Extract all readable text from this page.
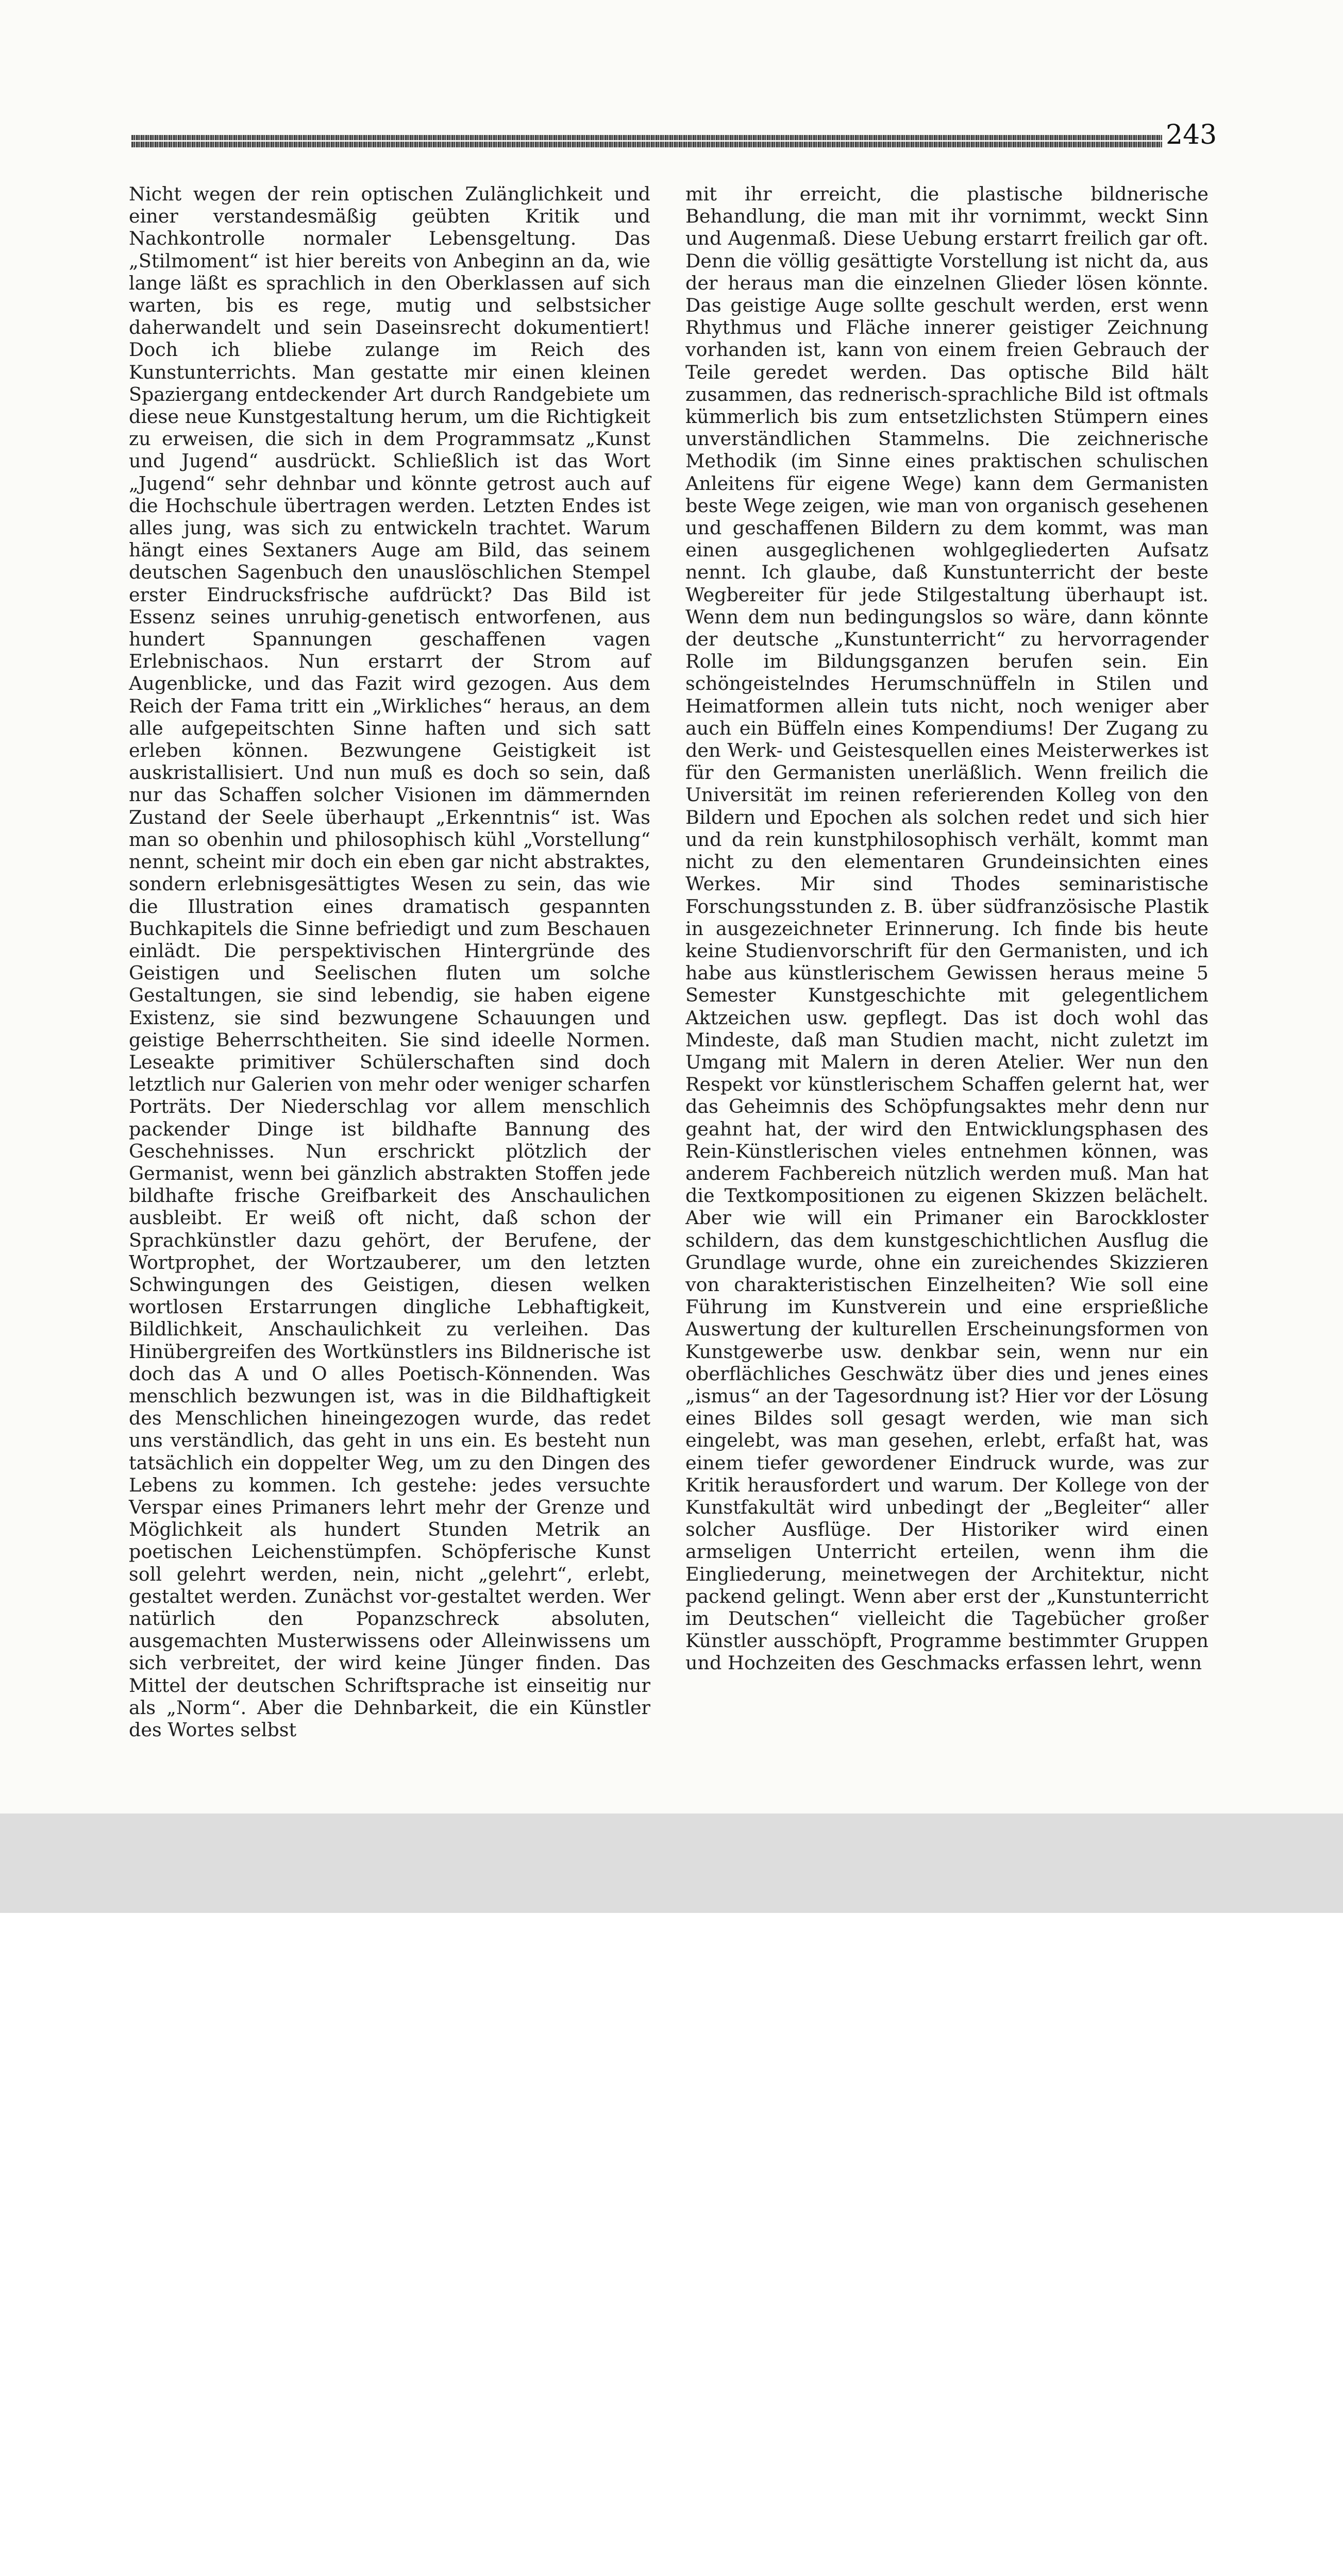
243

Nicht wegen der rein optischen Zulänglichkeit und einer verstandesmäßig geübten Kritik und Nachkontrolle normaler Lebensgeltung. Das „Stilmoment“ ist hier bereits von Anbeginn an da, wie lange läßt es sprachlich in den Oberklassen auf sich warten, bis es rege, mutig und selbstsicher daherwandelt und sein Daseinsrecht dokumentiert! Doch ich bliebe zulange im Reich des Kunstunterrichts. Man gestatte mir einen kleinen Spaziergang entdeckender Art durch Randgebiete um diese neue Kunstgestaltung herum, um die Richtigkeit zu erweisen, die sich in dem Programmsatz „Kunst und Jugend“ ausdrückt. Schließlich ist das Wort „Jugend“ sehr dehnbar und könnte getrost auch auf die Hochschule übertragen werden. Letzten Endes ist alles jung, was sich zu entwickeln trachtet. Warum hängt eines Sextaners Auge am Bild, das seinem deutschen Sagenbuch den unauslöschlichen Stempel erster Eindrucksfrische aufdrückt? Das Bild ist Essenz seines unruhig-genetisch entworfenen, aus hundert Spannungen geschaffenen vagen Erlebnischaos. Nun erstarrt der Strom auf Augenblicke, und das Fazit wird gezogen. Aus dem Reich der Fama tritt ein „Wirkliches“ heraus, an dem alle aufgepeitschten Sinne haften und sich satt erleben können. Bezwungene Geistigkeit ist auskristallisiert. Und nun muß es doch so sein, daß nur das Schaffen solcher Visionen im dämmernden Zustand der Seele überhaupt „Erkenntnis“ ist. Was man so obenhin und philosophisch kühl „Vorstellung“ nennt, scheint mir doch ein eben gar nicht abstraktes, sondern erlebnisgesättigtes Wesen zu sein, das wie die Illustration eines dramatisch gespannten Buchkapitels die Sinne befriedigt und zum Beschauen einlädt. Die perspektivischen Hintergründe des Geistigen und Seelischen fluten um solche Gestaltungen, sie sind lebendig, sie haben eigene Existenz, sie sind bezwungene Schauungen und geistige Beherrschtheiten. Sie sind ideelle Normen. Leseakte primitiver Schülerschaften sind doch letztlich nur Galerien von mehr oder weniger scharfen Porträts. Der Niederschlag vor allem menschlich packender Dinge ist bildhafte Bannung des Geschehnisses. Nun erschrickt plötzlich der Germanist, wenn bei gänzlich abstrakten Stoffen jede bildhafte frische Greifbarkeit des Anschaulichen ausbleibt. Er weiß oft nicht, daß schon der Sprachkünstler dazu gehört, der Berufene, der Wortprophet, der Wortzauberer, um den letzten Schwingungen des Geistigen, diesen welken wortlosen Erstarrungen dingliche Lebhaftigkeit, Bildlichkeit, Anschaulichkeit zu verleihen. Das Hinübergreifen des Wortkünstlers ins Bildnerische ist doch das A und O alles Poetisch-Könnenden. Was menschlich bezwungen ist, was in die Bildhaftigkeit des Menschlichen hineingezogen wurde, das redet uns verständlich, das geht in uns ein. Es besteht nun tatsächlich ein doppelter Weg, um zu den Dingen des Lebens zu kommen. Ich gestehe: jedes versuchte Verspar eines Primaners lehrt mehr der Grenze und Möglichkeit als hundert Stunden Metrik an poetischen Leichenstümpfen. Schöpferische Kunst soll gelehrt werden, nein, nicht „gelehrt“, erlebt, gestaltet werden. Zunächst vor-gestaltet werden. Wer natürlich den Popanzschreck absoluten, ausgemachten Musterwissens oder Alleinwissens um sich verbreitet, der wird keine Jünger finden. Das Mittel der deutschen Schriftsprache ist einseitig nur als „Norm“. Aber die Dehnbarkeit, die ein Künstler des Wortes selbst

mit ihr erreicht, die plastische bildnerische Behandlung, die man mit ihr vornimmt, weckt Sinn und Augenmaß. Diese Uebung erstarrt freilich gar oft. Denn die völlig gesättigte Vorstellung ist nicht da, aus der heraus man die einzelnen Glieder lösen könnte. Das geistige Auge sollte geschult werden, erst wenn Rhythmus und Fläche innerer geistiger Zeichnung vorhanden ist, kann von einem freien Gebrauch der Teile geredet werden. Das optische Bild hält zusammen, das rednerisch-sprachliche Bild ist oftmals kümmerlich bis zum entsetzlichsten Stümpern eines unverständlichen Stammelns. Die zeichnerische Methodik (im Sinne eines praktischen schulischen Anleitens für eigene Wege) kann dem Germanisten beste Wege zeigen, wie man von organisch gesehenen und geschaffenen Bildern zu dem kommt, was man einen ausgeglichenen wohlgegliederten Aufsatz nennt. Ich glaube, daß Kunstunterricht der beste Wegbereiter für jede Stilgestaltung überhaupt ist. Wenn dem nun bedingungslos so wäre, dann könnte der deutsche „Kunstunterricht“ zu hervorragender Rolle im Bildungsganzen berufen sein. Ein schöngeistelndes Herumschnüffeln in Stilen und Heimatformen allein tuts nicht, noch weniger aber auch ein Büffeln eines Kompendiums! Der Zugang zu den Werk- und Geistesquellen eines Meisterwerkes ist für den Germanisten unerläßlich. Wenn freilich die Universität im reinen referierenden Kolleg von den Bildern und Epochen als solchen redet und sich hier und da rein kunstphilosophisch verhält, kommt man nicht zu den elementaren Grundeinsichten eines Werkes. Mir sind Thodes seminaristische Forschungsstunden z. B. über südfranzösische Plastik in ausgezeichneter Erinnerung. Ich finde bis heute keine Studienvorschrift für den Germanisten, und ich habe aus künstlerischem Gewissen heraus meine 5 Semester Kunstgeschichte mit gelegentlichem Aktzeichen usw. gepflegt. Das ist doch wohl das Mindeste, daß man Studien macht, nicht zuletzt im Umgang mit Malern in deren Atelier. Wer nun den Respekt vor künstlerischem Schaffen gelernt hat, wer das Geheimnis des Schöpfungsaktes mehr denn nur geahnt hat, der wird den Entwicklungsphasen des Rein-Künstlerischen vieles entnehmen können, was anderem Fachbereich nützlich werden muß. Man hat die Textkompositionen zu eigenen Skizzen belächelt. Aber wie will ein Primaner ein Barockkloster schildern, das dem kunstgeschichtlichen Ausflug die Grundlage wurde, ohne ein zureichendes Skizzieren von charakteristischen Einzelheiten? Wie soll eine Führung im Kunstverein und eine ersprießliche Auswertung der kulturellen Erscheinungsformen von Kunstgewerbe usw. denkbar sein, wenn nur ein oberflächliches Geschwätz über dies und jenes eines „ismus“ an der Tagesordnung ist? Hier vor der Lösung eines Bildes soll gesagt werden, wie man sich eingelebt, was man gesehen, erlebt, erfaßt hat, was einem tiefer gewordener Eindruck wurde, was zur Kritik herausfordert und warum. Der Kollege von der Kunstfakultät wird unbedingt der „Begleiter“ aller solcher Ausflüge. Der Historiker wird einen armseligen Unterricht erteilen, wenn ihm die Eingliederung, meinetwegen der Architektur, nicht packend gelingt. Wenn aber erst der „Kunstunterricht im Deutschen“ vielleicht die Tagebücher großer Künstler ausschöpft, Programme bestimmter Gruppen und Hochzeiten des Geschmacks erfassen lehrt, wenn
